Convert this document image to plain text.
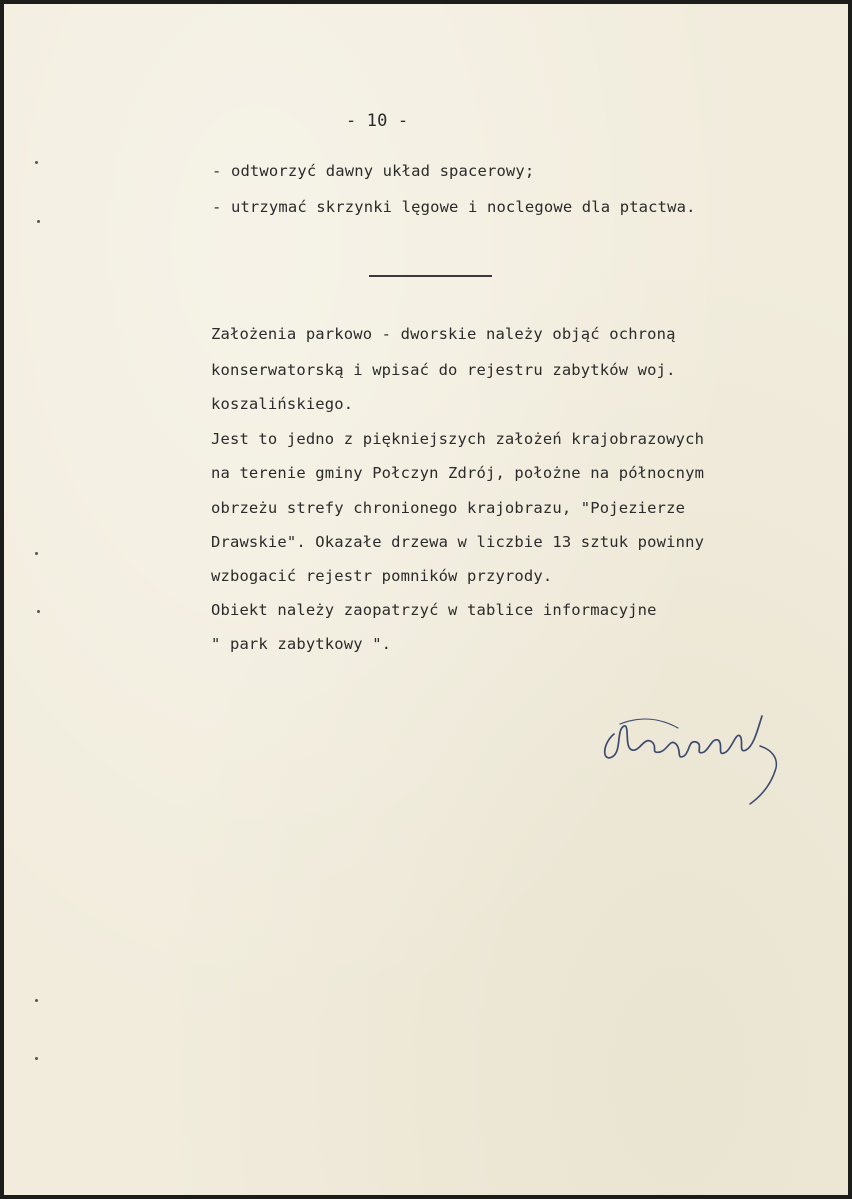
- 10 -
- odtworzyć dawny układ spacerowy;
- utrzymać skrzynki lęgowe i noclegowe dla ptactwa.
Założenia parkowo - dworskie należy objąć ochroną
konserwatorską i wpisać do rejestru zabytków woj.
koszalińskiego.
Jest to jedno z piękniejszych założeń krajobrazowych
na terenie gminy Połczyn Zdrój, położne na północnym
obrzeżu strefy chronionego krajobrazu, "Pojezierze
Drawskie". Okazałe drzewa w liczbie 13 sztuk powinny
wzbogacić rejestr pomników przyrody.
Obiekt należy zaopatrzyć w tablice informacyjne
" park zabytkowy ".
